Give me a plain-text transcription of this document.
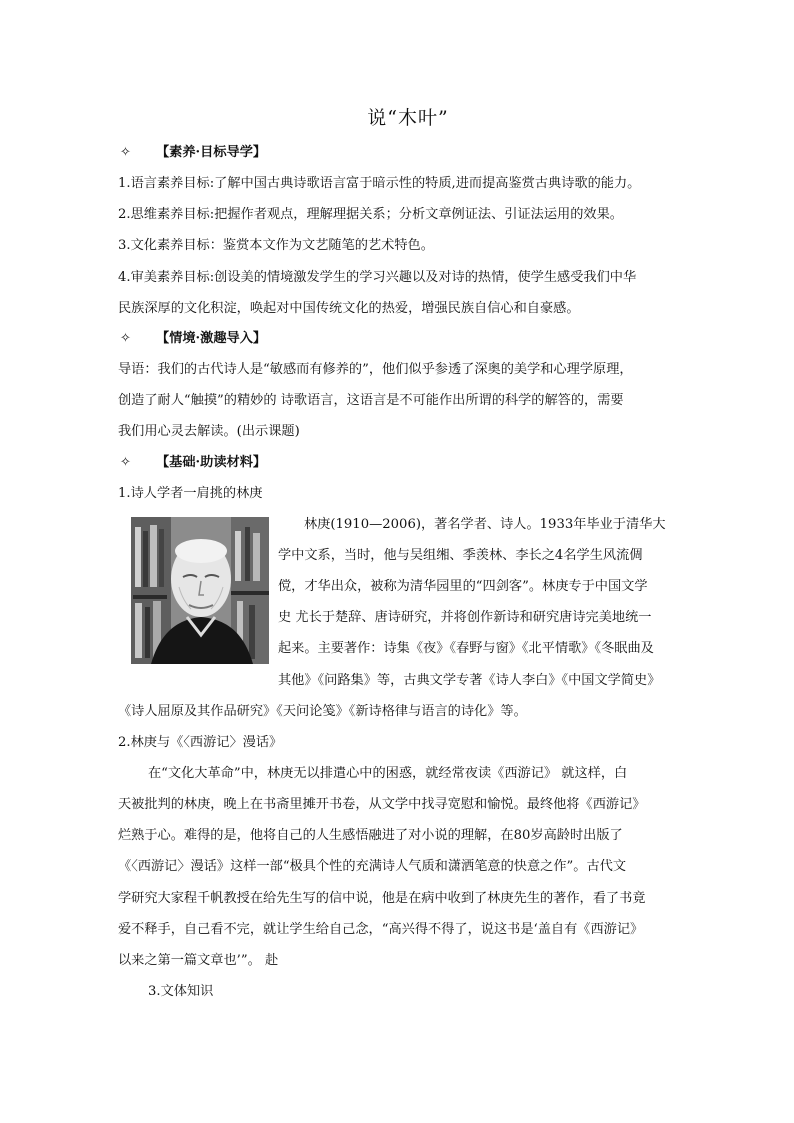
说“木叶”
✧ 【素养·目标导学】
1.语言素养目标:了解中国古典诗歌语言富于暗示性的特质,进而提高鉴赏古典诗歌的能力。
2.思维素养目标:把握作者观点，理解理据关系；分析文章例证法、引证法运用的效果。
3.文化素养目标：鉴赏本文作为文艺随笔的艺术特色。
4.审美素养目标:创设美的情境激发学生的学习兴趣以及对诗的热情，使学生感受我们中华
民族深厚的文化积淀，唤起对中国传统文化的热爱，增强民族自信心和自豪感。
✧ 【情境·激趣导入】
导语：我们的古代诗人是“敏感而有修养的”，他们似乎参透了深奥的美学和心理学原理，
创造了耐人“触摸”的精妙的 诗歌语言，这语言是不可能作出所谓的科学的解答的，需要
我们用心灵去解读。(出示课题)
✧ 【基础·助读材料】
1.诗人学者一肩挑的林庚
林庚(1910—2006)，著名学者、诗人。1933年毕业于清华大
学中文系，当时，他与吴组缃、季羡林、李长之4名学生风流倜
傥，才华出众，被称为清华园里的“四剑客”。林庚专于中国文学
史 尤长于楚辞、唐诗研究，并将创作新诗和研究唐诗完美地统一
起来。主要著作：诗集《夜》《春野与窗》《北平情歌》《冬眠曲及
其他》《问路集》等，古典文学专著《诗人李白》《中国文学简史》
《诗人屈原及其作品研究》《天问论笺》《新诗格律与语言的诗化》等。
2.林庚与《〈西游记〉漫话》
在“文化大革命”中，林庚无以排遣心中的困惑，就经常夜读《西游记》 就这样，白
天被批判的林庚，晚上在书斋里摊开书卷，从文学中找寻宽慰和愉悦。最终他将《西游记》
烂熟于心。难得的是，他将自己的人生感悟融进了对小说的理解，在80岁高龄时出版了
《〈西游记〉漫话》这样一部“极具个性的充满诗人气质和潇洒笔意的快意之作”。古代文
学研究大家程千帆教授在给先生写的信中说，他是在病中收到了林庚先生的著作，看了书竟
爱不释手，自己看不完，就让学生给自己念，“高兴得不得了，说这书是‘盖自有《西游记》
以来之第一篇文章也’”。 赴
3.文体知识
